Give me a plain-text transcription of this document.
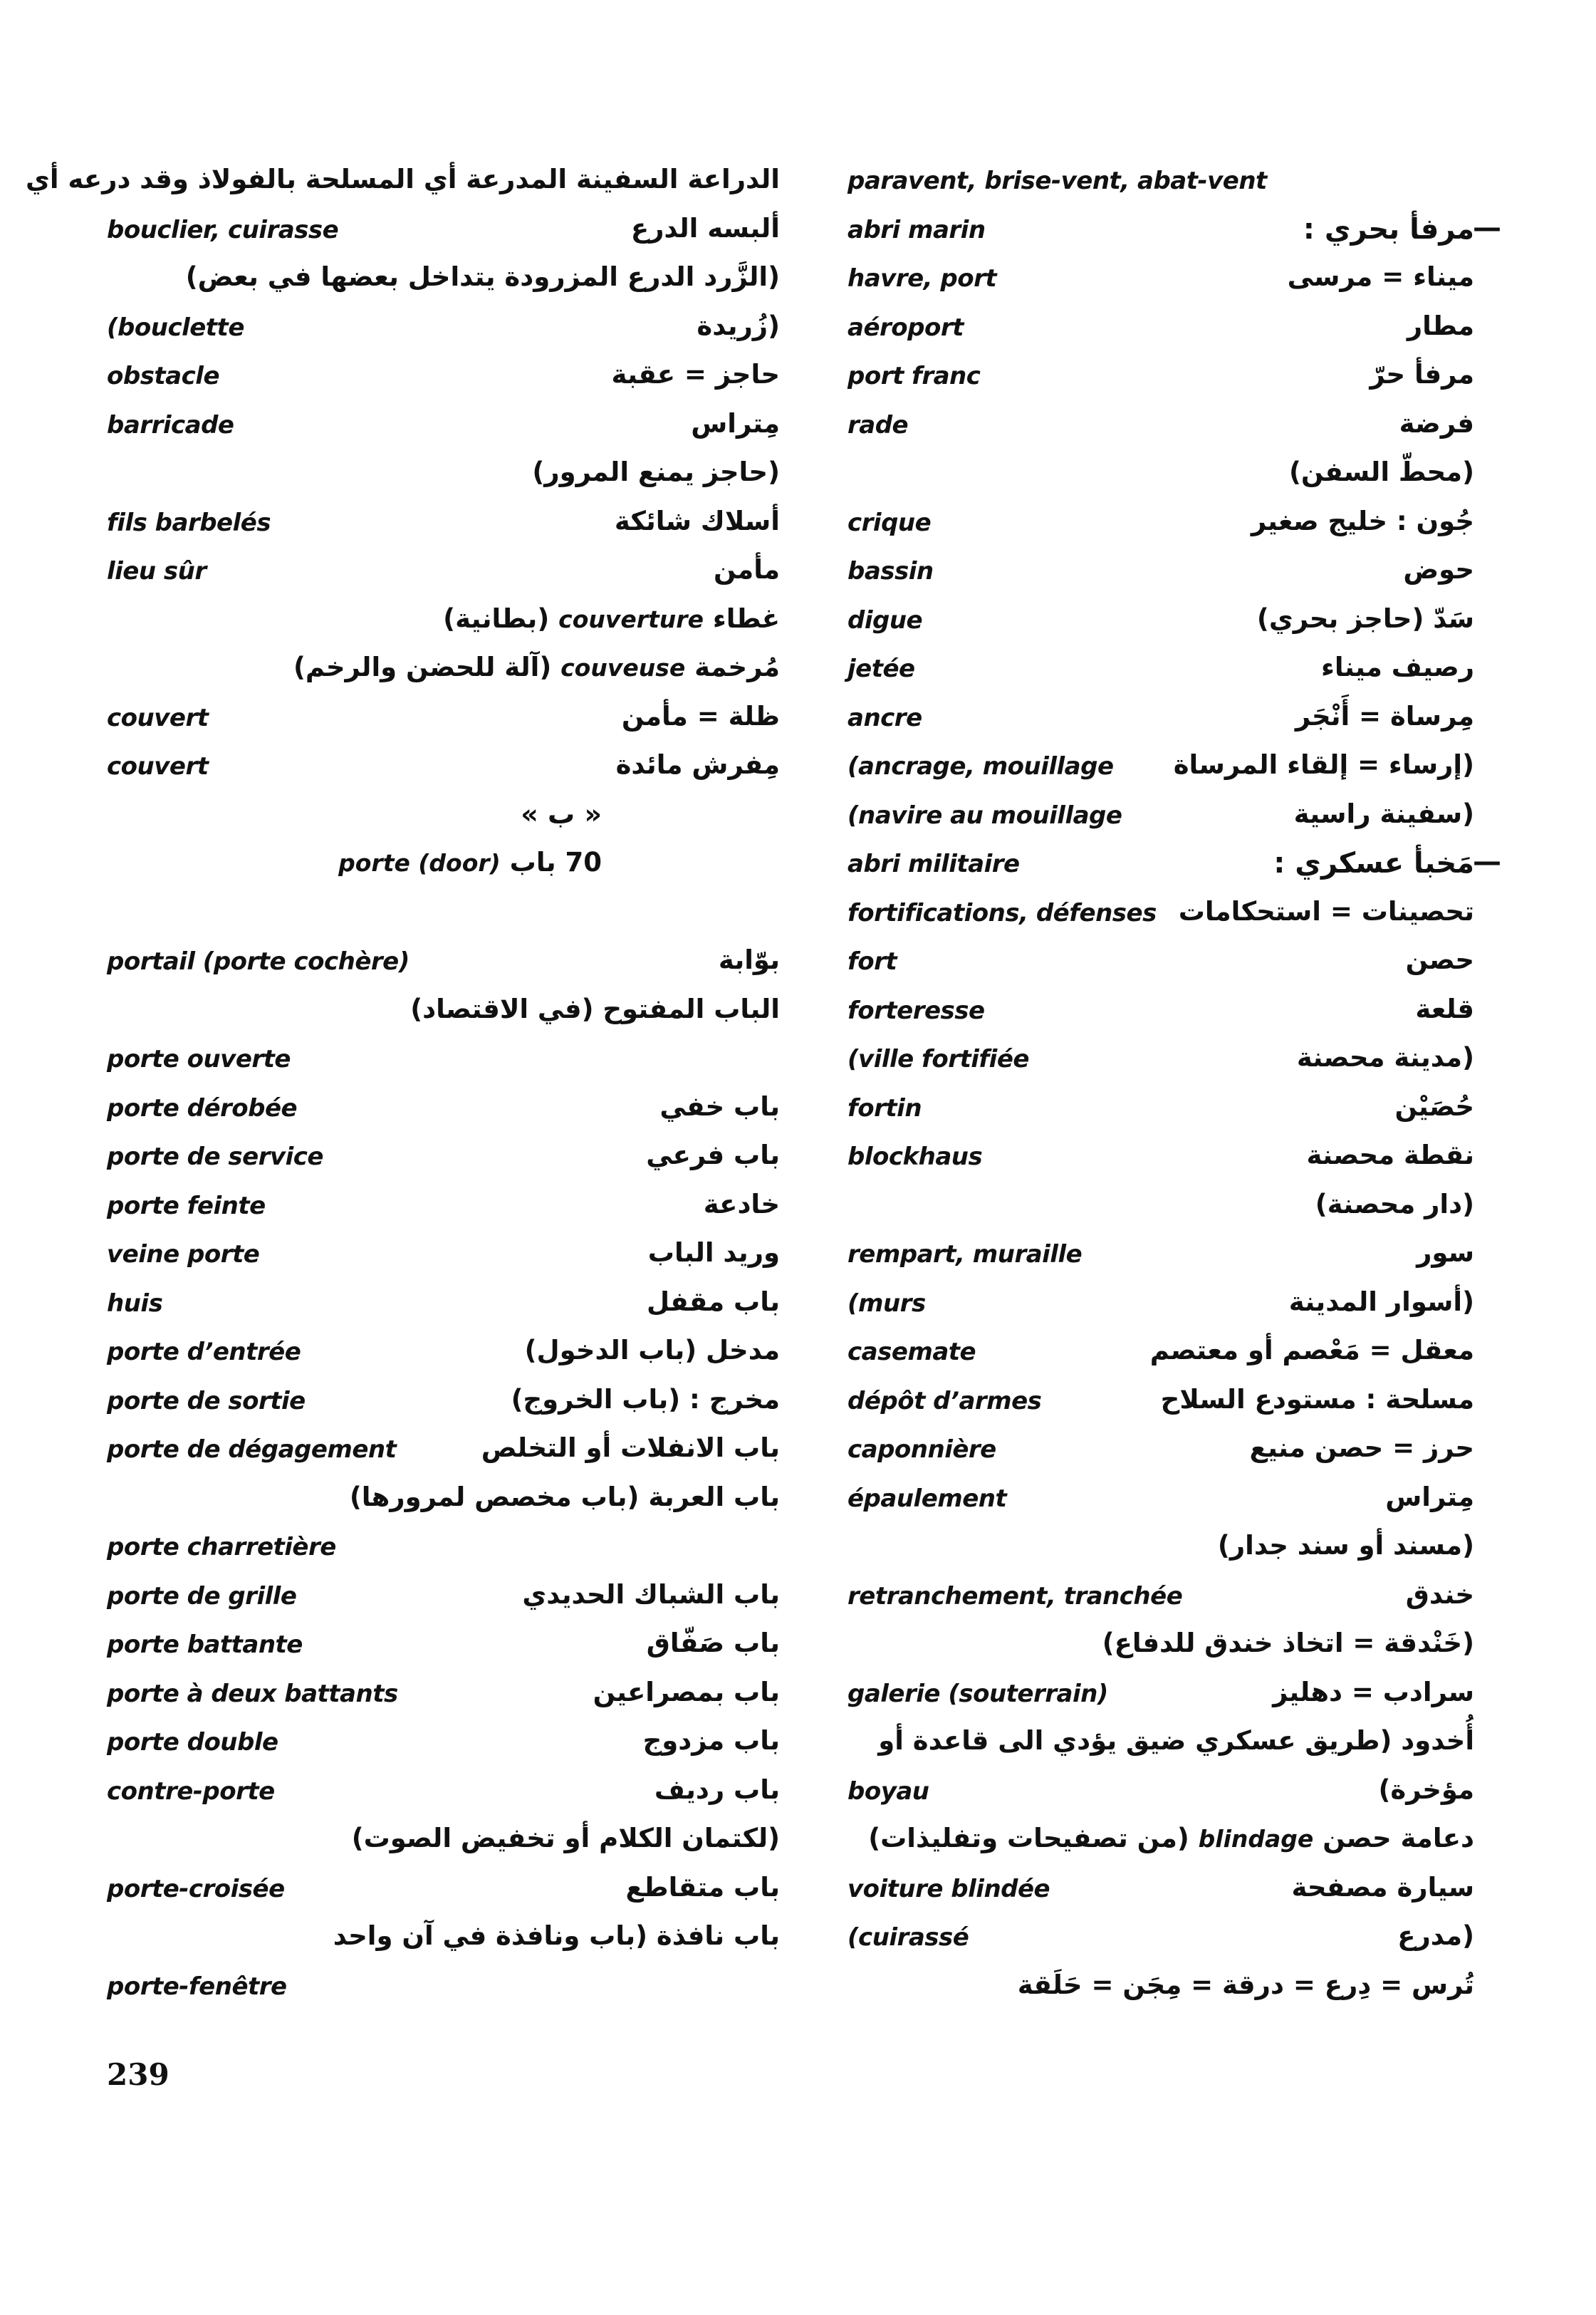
الدراعة السفينة المدرعة أي المسلحة بالفولاذ وقد درعه أي
bouclier, cuirasse	ألبسه الدرع
(الزَّرد الدرع المزرودة يتداخل بعضها في بعض)
(bouclette	(زُريدة
obstacle	حاجز = عقبة
barricade	مِتراس
(حاجز يمنع المرور)
fils barbelés	أسلاك شائكة
lieu sûr	مأمن
غطاء couverture (بطانية)
مُرخمة couveuse (آلة للحضن والرخم)
couvert	ظلة = مأمن
couvert	مِفرش مائدة
« ب »
70 باب porte (door)
portail (porte cochère)	بوّابة
الباب المفتوح (في الاقتصاد)
porte ouverte
porte dérobée	باب خفي
porte de service	باب فرعي
porte feinte	خادعة
veine porte	وريد الباب
huis	باب مقفل
porte d’entrée	مدخل (باب الدخول)
porte de sortie	مخرج : (باب الخروج)
porte de dégagement	باب الانفلات أو التخلص
باب العربة (باب مخصص لمرورها)
porte charretière
porte de grille	باب الشباك الحديدي
porte battante	باب صَفّاق
porte à deux battants	باب بمصراعين
porte double	باب مزدوج
contre-porte	باب رديف
(لكتمان الكلام أو تخفيض الصوت)
porte-croisée	باب متقاطع
باب نافذة (باب ونافذة في آن واحد
porte-fenêtre
paravent, brise-vent, abat-vent
abri marin	مرفأ بحري :
—
havre, port	ميناء = مرسى
aéroport	مطار
port franc	مرفأ حرّ
rade	فرضة
(محطّ السفن)
crique	جُون : خليج صغير
bassin	حوض
digue	سَدّ (حاجز بحري)
jetée	رصيف ميناء
ancre	مِرساة = أَنْجَر
(ancrage, mouillage (إرساء = إلقاء المرساة
(navire au mouillage	(سفينة راسية
abri militaire	مَخبأ عسكري :
—
fortifications, défenses تحصينات = استحكامات
fort	حصن
forteresse	قلعة
(ville fortifiée	(مدينة محصنة
fortin	حُصَيْن
blockhaus	نقطة محصنة
(دار محصنة)
rempart, muraille	سور
(murs	(أسوار المدينة
casemate	معقل = مَعْصم أو معتصم
dépôt d’armes	مسلحة : مستودع السلاح
caponnière	حرز = حصن منيع
épaulement	مِتراس
(مسند أو سند جدار)
retranchement, tranchée	خندق
(خَنْدقة = اتخاذ خندق للدفاع)
galerie (souterrain)	سرادب = دهليز
أُخدود (طريق عسكري ضيق يؤدي الى قاعدة أو
boyau	مؤخرة)
دعامة حصن blindage (من تصفيحات وتفليذات)
voiture blindée	سيارة مصفحة
(cuirassé	(مدرع
تُرس = دِرع = درقة = مِجَن = حَلَقة
239
